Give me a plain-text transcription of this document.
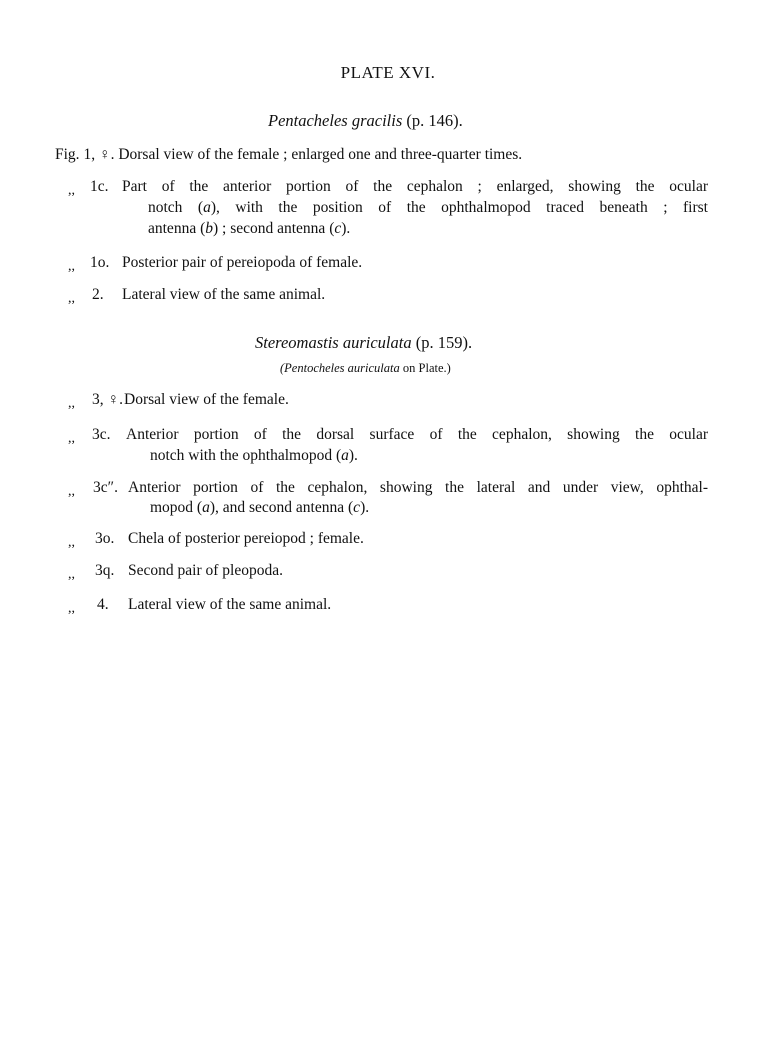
PLATE XVI.
Pentacheles gracilis (p. 146).
Fig. 1, ♀. Dorsal view of the female ; enlarged one and three-quarter times.
,, 1c. Part of the anterior portion of the cephalon ; enlarged, showing the ocular
notch (a), with the position of the ophthalmopod traced beneath ; first
antenna (b) ; second antenna (c).
,, 1o. Posterior pair of pereiopoda of female.
,, 2. Lateral view of the same animal.
Stereomastis auriculata (p. 159).
(Pentocheles auriculata on Plate.)
,, 3, ♀. Dorsal view of the female.
,, 3c. Anterior portion of the dorsal surface of the cephalon, showing the ocular
notch with the ophthalmopod (a).
,, 3c″. Anterior portion of the cephalon, showing the lateral and under view, ophthal-
mopod (a), and second antenna (c).
,, 3o. Chela of posterior pereiopod ; female.
,, 3q. Second pair of pleopoda.
,, 4. Lateral view of the same animal.
